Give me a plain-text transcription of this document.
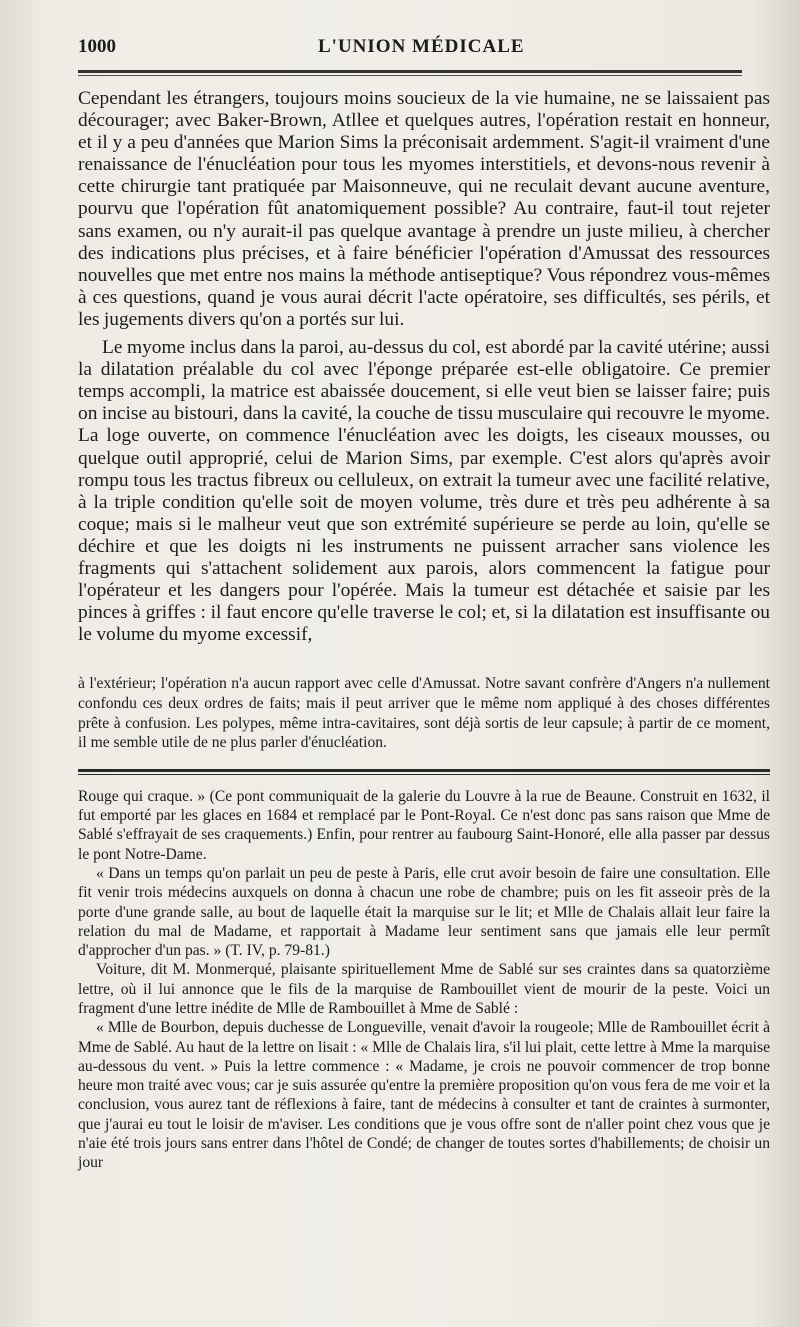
1000	L'UNION MÉDICALE

Cependant les étrangers, toujours moins soucieux de la vie humaine, ne se laissaient pas décourager; avec Baker-Brown, Atllee et quelques autres, l'opération restait en honneur, et il y a peu d'années que Marion Sims la préconisait ardemment. S'agit-il vraiment d'une renaissance de l'énucléation pour tous les myomes interstitiels, et devons-nous revenir à cette chirurgie tant pratiquée par Maisonneuve, qui ne reculait devant aucune aventure, pourvu que l'opération fût anatomiquement possible? Au contraire, faut-il tout rejeter sans examen, ou n'y aurait-il pas quelque avantage à prendre un juste milieu, à chercher des indications plus précises, et à faire bénéficier l'opération d'Amussat des ressources nouvelles que met entre nos mains la méthode antiseptique? Vous répondrez vous-mêmes à ces questions, quand je vous aurai décrit l'acte opératoire, ses difficultés, ses périls, et les jugements divers qu'on a portés sur lui.

Le myome inclus dans la paroi, au-dessus du col, est abordé par la cavité utérine; aussi la dilatation préalable du col avec l'éponge préparée est-elle obligatoire. Ce premier temps accompli, la matrice est abaissée doucement, si elle veut bien se laisser faire; puis on incise au bistouri, dans la cavité, la couche de tissu musculaire qui recouvre le myome. La loge ouverte, on commence l'énucléation avec les doigts, les ciseaux mousses, ou quelque outil approprié, celui de Marion Sims, par exemple. C'est alors qu'après avoir rompu tous les tractus fibreux ou celluleux, on extrait la tumeur avec une facilité relative, à la triple condition qu'elle soit de moyen volume, très dure et très peu adhérente à sa coque; mais si le malheur veut que son extrémité supérieure se perde au loin, qu'elle se déchire et que les doigts ni les instruments ne puissent arracher sans violence les fragments qui s'attachent solidement aux parois, alors commencent la fatigue pour l'opérateur et les dangers pour l'opérée. Mais la tumeur est détachée et saisie par les pinces à griffes : il faut encore qu'elle traverse le col; et, si la dilatation est insuffisante ou le volume du myome excessif,

à l'extérieur; l'opération n'a aucun rapport avec celle d'Amussat. Notre savant confrère d'Angers n'a nullement confondu ces deux ordres de faits; mais il peut arriver que le même nom appliqué à des choses différentes prête à confusion. Les polypes, même intra-cavitaires, sont déjà sortis de leur capsule; à partir de ce moment, il me semble utile de ne plus parler d'énucléation.

Rouge qui craque. » (Ce pont communiquait de la galerie du Louvre à la rue de Beaune. Construit en 1632, il fut emporté par les glaces en 1684 et remplacé par le Pont-Royal. Ce n'est donc pas sans raison que Mme de Sablé s'effrayait de ses craquements.) Enfin, pour rentrer au faubourg Saint-Honoré, elle alla passer par dessus le pont Notre-Dame.

« Dans un temps qu'on parlait un peu de peste à Paris, elle crut avoir besoin de faire une consultation. Elle fit venir trois médecins auxquels on donna à chacun une robe de chambre; puis on les fit asseoir près de la porte d'une grande salle, au bout de laquelle était la marquise sur le lit; et Mlle de Chalais allait leur faire la relation du mal de Madame, et rapportait à Madame leur sentiment sans que jamais elle leur permît d'approcher d'un pas. » (T. IV, p. 79-81.)

Voiture, dit M. Monmerqué, plaisante spirituellement Mme de Sablé sur ses craintes dans sa quatorzième lettre, où il lui annonce que le fils de la marquise de Rambouillet vient de mourir de la peste. Voici un fragment d'une lettre inédite de Mlle de Rambouillet à Mme de Sablé :

« Mlle de Bourbon, depuis duchesse de Longueville, venait d'avoir la rougeole; Mlle de Rambouillet écrit à Mme de Sablé. Au haut de la lettre on lisait : « Mlle de Chalais lira, s'il lui plait, cette lettre à Mme la marquise au-dessous du vent. » Puis la lettre commence : « Madame, je crois ne pouvoir commencer de trop bonne heure mon traité avec vous; car je suis assurée qu'entre la première proposition qu'on vous fera de me voir et la conclusion, vous aurez tant de réflexions à faire, tant de médecins à consulter et tant de craintes à surmonter, que j'aurai eu tout le loisir de m'aviser. Les conditions que je vous offre sont de n'aller point chez vous que je n'aie été trois jours sans entrer dans l'hôtel de Condé; de changer de toutes sortes d'habillements; de choisir un jour
